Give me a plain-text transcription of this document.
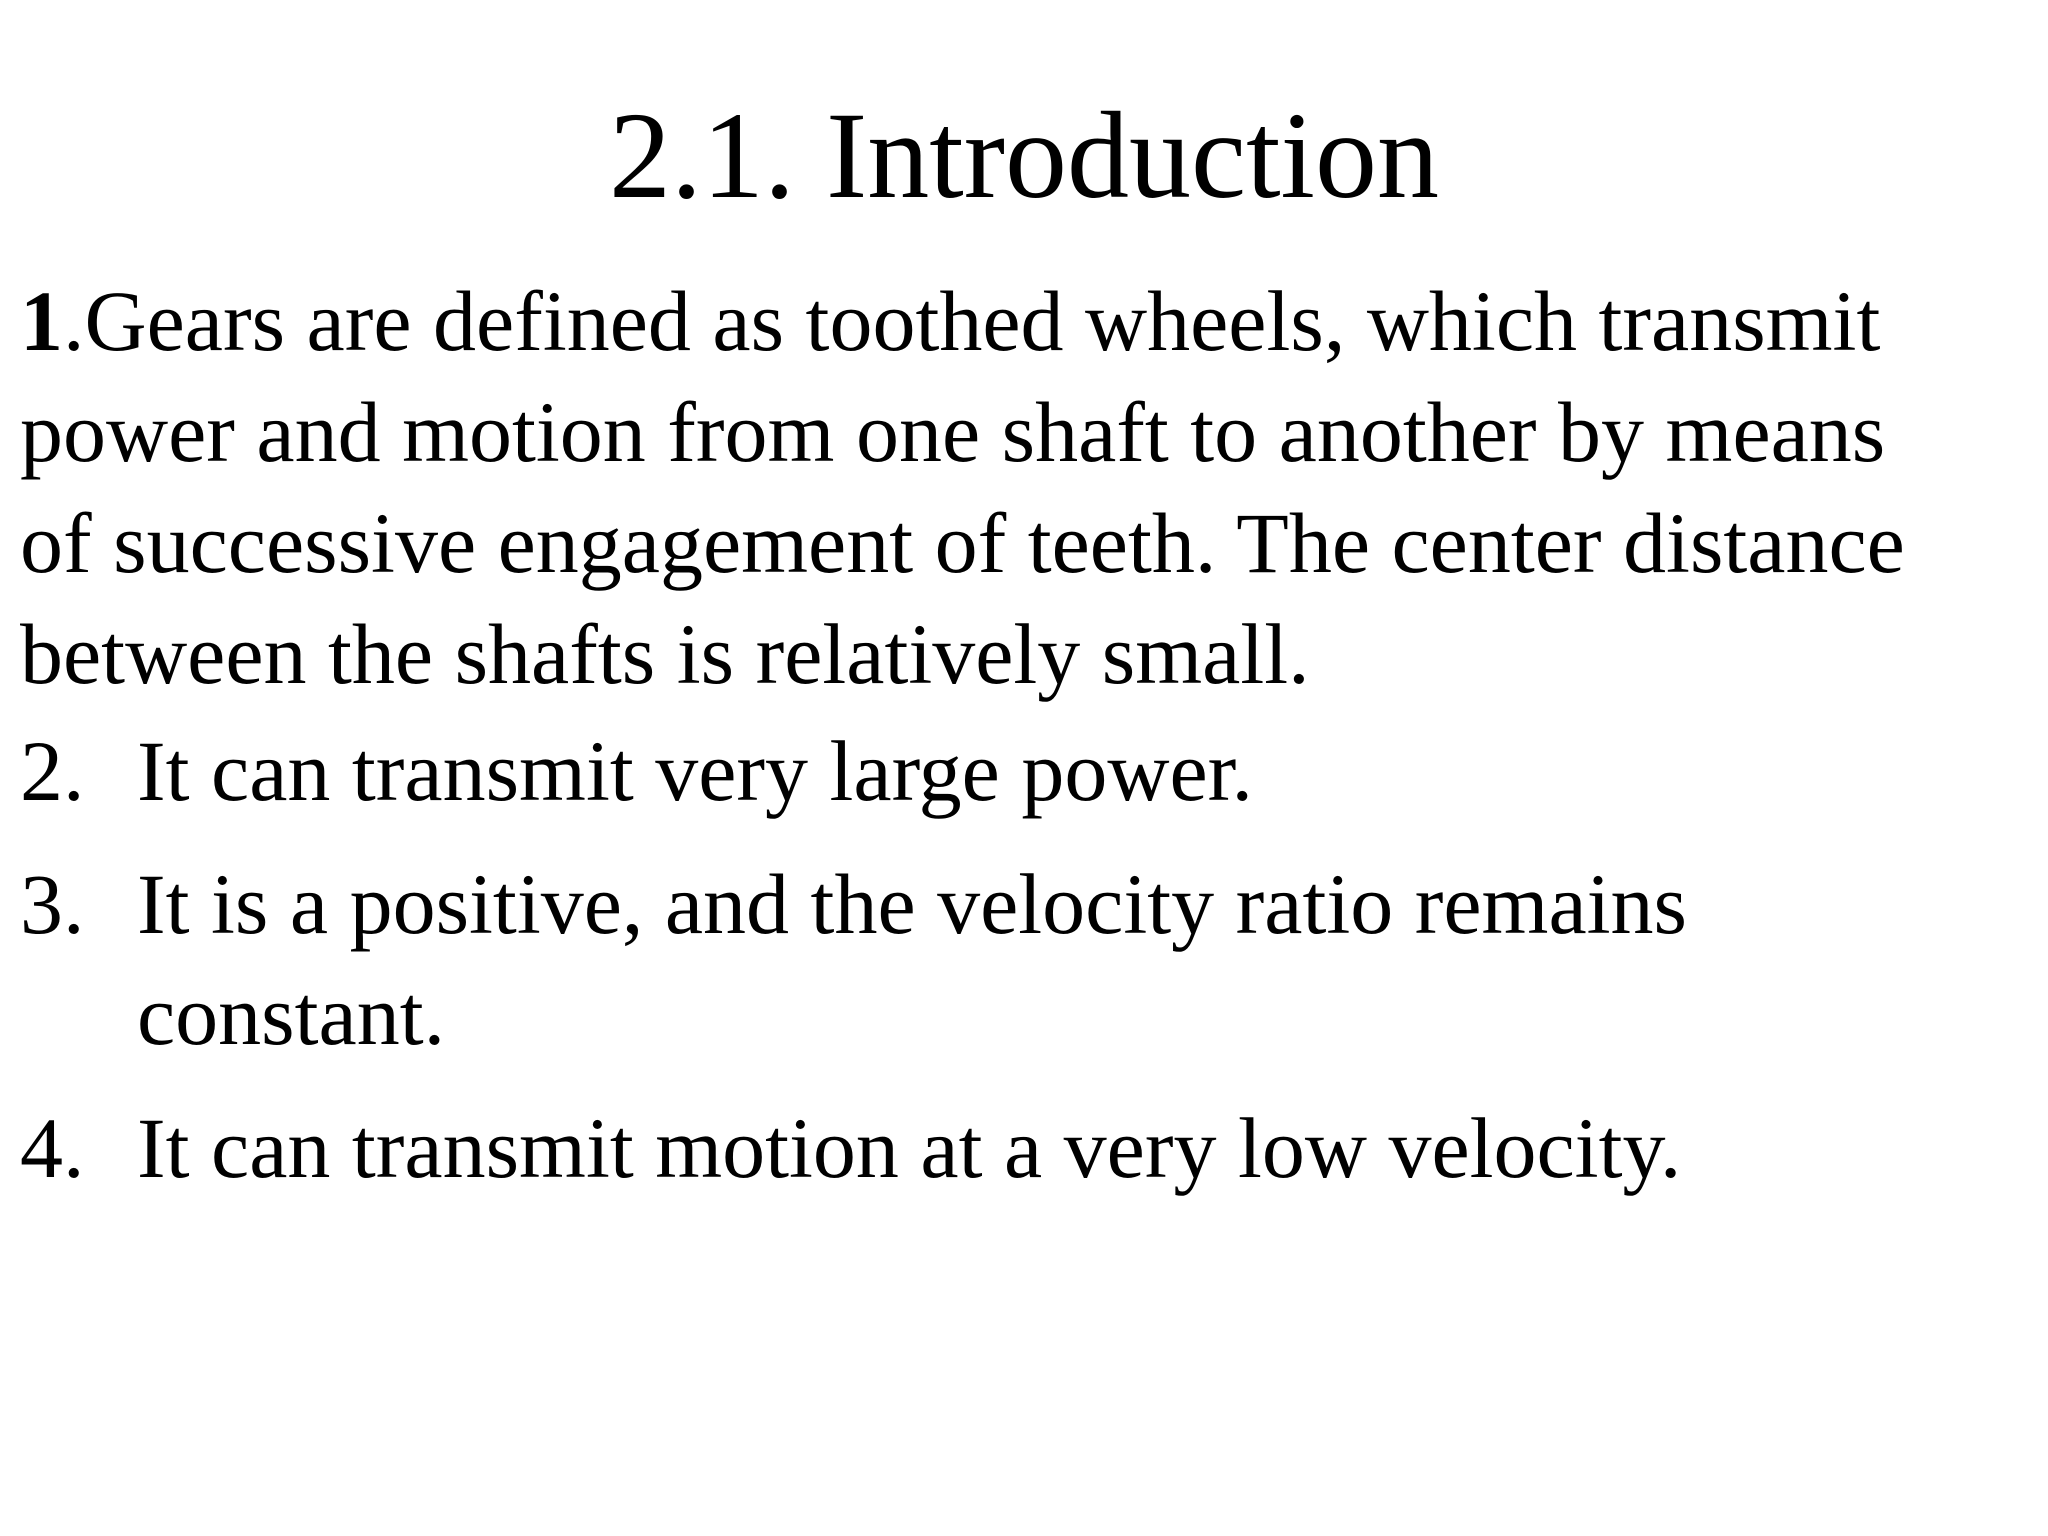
2.1. Introduction

1.Gears are defined as toothed wheels, which transmit
power and motion from one shaft to another by means
of successive engagement of teeth. The center distance
between the shafts is relatively small.

2. It can transmit very large power.
3. It is a positive, and the velocity ratio remains
constant.
4. It can transmit motion at a very low velocity.
